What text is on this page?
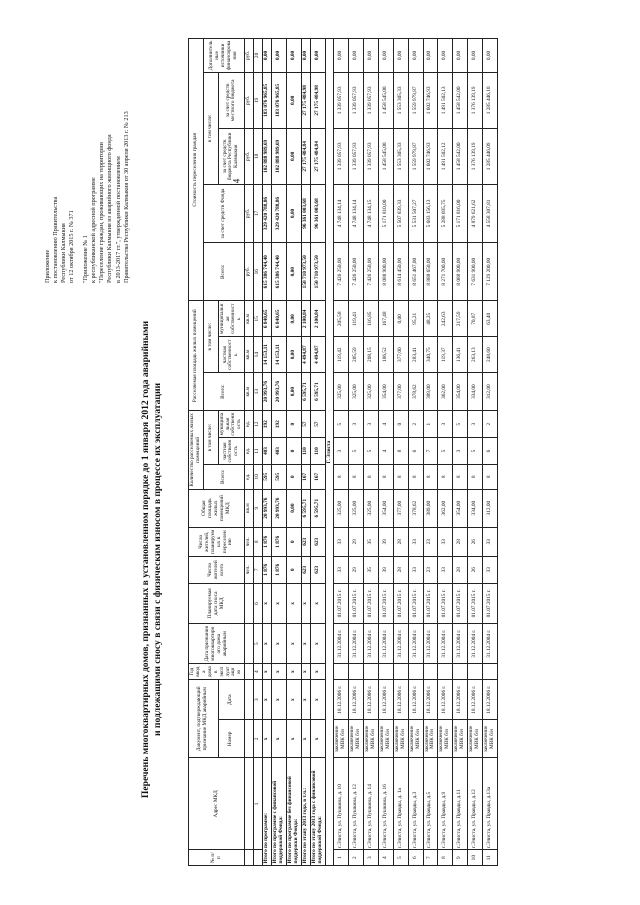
4
Приложение к постановлению Правительства Республики Калмыкия от 12 октября 2015 г. № 371 "Приложение № 1 к республиканской адресной программе "Переселение граждан, проживающих на территории Республики Калмыкия из аварийного жилищного фонда в 2013-2017 гг.", утвержденной постановлением Правительства Республики Калмыкия от 30 апреля 2013 г. № 213
Перечень многоквартирных домов, признанных в установленном порядке до 1 января 2012 года аварийными и подлежащими сносу в связи с физическим износом в процессе их эксплуатации
№ п/п	Адрес МКД	Документ, подтверждающий признание МКД аварийным		Год ввода дома в эксплуатацию	Дата признания многоквартирного дома аварийным	Планируемая дата сноса МКД	Число жителей всего	Число жителей, планируемых к переселению	Общая площадь жилых помещений МКД	Количество расселяемых жилых помещений			Расселяемая площадь жилых помещений			Стоимость переселения граждан				
										Всего:	в том числе:		Всего:	в том числе:		Всего:	за счет средств Фонда	в том числе:		Дополнительные источники финансирования
		Номер	Дата								частная собственность	муниципальная собственность		частная собственность	муниципальная собственность			за счет средств бюджета Республики Калмыкия	за счет средств местного бюджета	
							чел.	чел.	кв.м	ед.	ед.	ед.	кв.м	кв.м	кв.м	руб.	руб.	руб.	руб.	руб.
	1	2	3	4	5	6	7	8	9	10	11	12	13	14	15	16	17	18	19	20
Итого по программе:		x	x	x	x	x	1 876	1 876	20 993,76	595	403	192	20 993,76	14 153,11	6 840,65	615 386 744,40	329 420 788,86	102 888 989,69	183 076 965,85	0,00
Итого по программе с финансовой поддержкой Фонда:		x	x	x	x	x	1 876	1 876	20 993,76	595	403	192	20 993,76	14 153,11	6 840,65	615 386 744,40	329 420 788,86	102 888 989,69	183 076 965,85	0,00
Итого по программе без финансовой поддержки Фонда:		x	x	x	x	x	0	0	0,00	0	0	0	0,00	0,00	0,00	0,00	0,00	0,00	0,00	0,00
Итого по этапу 2013 года, в т.ч.:		x	x	x	x	x	623	623	6 595,71	167	110	57	6 595,71	4 494,87	2 100,84	150 710 973,50	96 361 003,68	27 175 484,84	27 175 484,98	0,00
Итого по этапу 2013 года с финансовой поддержкой Фонда:		x	x	x	x	x	623	623	6 595,71	167	110	57	6 595,71	4 494,87	2 100,84	150 710 973,50	96 361 003,68	27 175 484,84	27 175 484,98	0,00
Г. Элиста																				
1	г.Элиста, ул. Пушкина, д. 10	заключение МВК б/н	18.12.2006 г.		31.12.2004 г.	01.07.2015 г.	33	33	325,00	8	3	5	325,00	119,42	205,58	7 426 250,00	4 748 134,14	1 339 057,93	1 339 057,93	0,00
2	г.Элиста, ул. Пушкина, д. 12	заключение МВК б/н	18.12.2006 г.		31.12.2004 г.	01.07.2015 г.	29	29	325,00	8	5	3	325,00	205,59	119,41	7 426 250,00	4 748 134,14	1 339 057,93	1 339 057,93	0,00
3	г.Элиста, ул. Пушкина, д. 14	заключение МВК б/н	18.12.2006 г.		31.12.2004 г.	01.07.2015 г.	35	35	325,00	8	5	3	325,00	208,15	116,85	7 426 250,00	4 748 134,15	1 339 057,93	1 339 057,93	0,00
4	г.Элиста, ул. Пушкина, д. 16	заключение МВК б/н	18.12.2006 г.		31.12.2004 г.	01.07.2015 г.	39	39	354,00	8	4	4	354,00	186,52	167,48	8 088 900,00	5 171 810,00	1 458 545,00	1 458 545,00	0,00
5	г.Элиста, ул. Правды, д. 1а	заключение МВК б/н	18.12.2006 г.		31.12.2004 г.	01.07.2015 г.	28	28	377,00	8	8	0	377,00	377,00	0,00	8 614 450,00	5 507 839,33	1 553 305,33	1 553 305,33	0,00
6	г.Элиста, ул. Правды, д.3	заключение МВК б/н	18.12.2006 г.		31.12.2004 г.	01.07.2015 г.	33	33	378,62	8	6	2	378,62	283,41	95,21	8 651 467,00	5 531 507,27	1 559 979,87	1 559 979,87	0,00
7	г.Элиста, ул. Правды, д.5	заключение МВК б/н	18.12.2006 г.		31.12.2004 г.	01.07.2015 г.	23	23	389,00	8	7	1	389,00	340,75	48,25	8 888 650,00	5 683 156,13	1 602 746,93	1 602 746,93	0,00
8	г.Элиста, ул. Правды, д.9	заключение МВК б/н	18.12.2006 г.		31.12.2004 г.	01.07.2015 г.	33	33	362,00	8	5	3	362,00	119,37	242,63	8 271 700,00	5 288 695,75	1 491 502,12	1 491 502,13	0,00
9	г.Элиста, ул. Правды, д.11	заключение МВК б/н	18.12.2006 г.		31.12.2004 г.	01.07.2015 г.	28	28	354,00	8	3	5	354,00	136,41	217,59	8 088 900,00	5 171 816,00	1 458 542,00	1 458 542,00	0,00
10	г.Элиста, ул. Правды, д.12	заключение МВК б/н	18.12.2006 г.		31.12.2004 г.	01.07.2015 г.	26	26	334,00	8	5	3	334,00	263,13	70,87	7 631 900,00	4 879 621,62	1 376 139,19	1 376 139,19	0,00
11	г.Элиста, ул. Правды, д.13а	заключение МВК б/н	18.12.2006 г.		31.12.2004 г.	01.07.2015 г.	33	33	312,00	8	6	2	312,00	248,60	63,40	7 129 200,00	4 558 307,81	1 285 446,09	1 285 446,10	0,00
